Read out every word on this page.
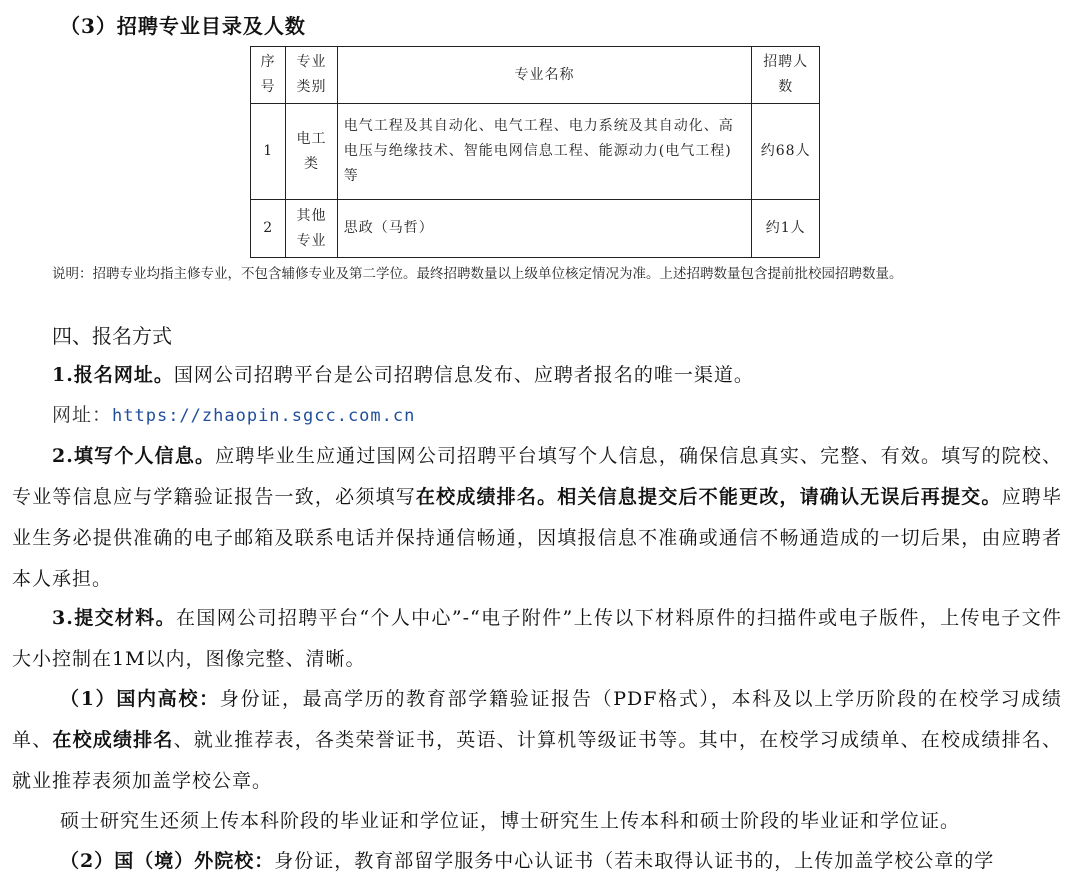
（3）招聘专业目录及人数
序号	专业类别	专业名称	招聘人数
1	电工类	电气工程及其自动化、电气工程、电力系统及其自动化、高电压与绝缘技术、智能电网信息工程、能源动力(电气工程)等	约68人
2	其他专业	思政（马哲）	约1人
说明：招聘专业均指主修专业，不包含辅修专业及第二学位。最终招聘数量以上级单位核定情况为准。上述招聘数量包含提前批校园招聘数量。
四、报名方式
1.报名网址。国网公司招聘平台是公司招聘信息发布、应聘者报名的唯一渠道。
网址：https://zhaopin.sgcc.com.cn
2.填写个人信息。应聘毕业生应通过国网公司招聘平台填写个人信息，确保信息真实、完整、有效。填写的院校、专业等信息应与学籍验证报告一致，必须填写在校成绩排名。相关信息提交后不能更改，请确认无误后再提交。应聘毕业生务必提供准确的电子邮箱及联系电话并保持通信畅通，因填报信息不准确或通信不畅通造成的一切后果，由应聘者本人承担。
3.提交材料。在国网公司招聘平台“个人中心”-“电子附件”上传以下材料原件的扫描件或电子版件，上传电子文件大小控制在1M以内，图像完整、清晰。
（1）国内高校：身份证，最高学历的教育部学籍验证报告（PDF格式），本科及以上学历阶段的在校学习成绩单、在校成绩排名、就业推荐表，各类荣誉证书，英语、计算机等级证书等。其中，在校学习成绩单、在校成绩排名、就业推荐表须加盖学校公章。
硕士研究生还须上传本科阶段的毕业证和学位证，博士研究生上传本科和硕士阶段的毕业证和学位证。
（2）国（境）外院校：身份证，教育部留学服务中心认证书（若未取得认证书的，上传加盖学校公章的学
